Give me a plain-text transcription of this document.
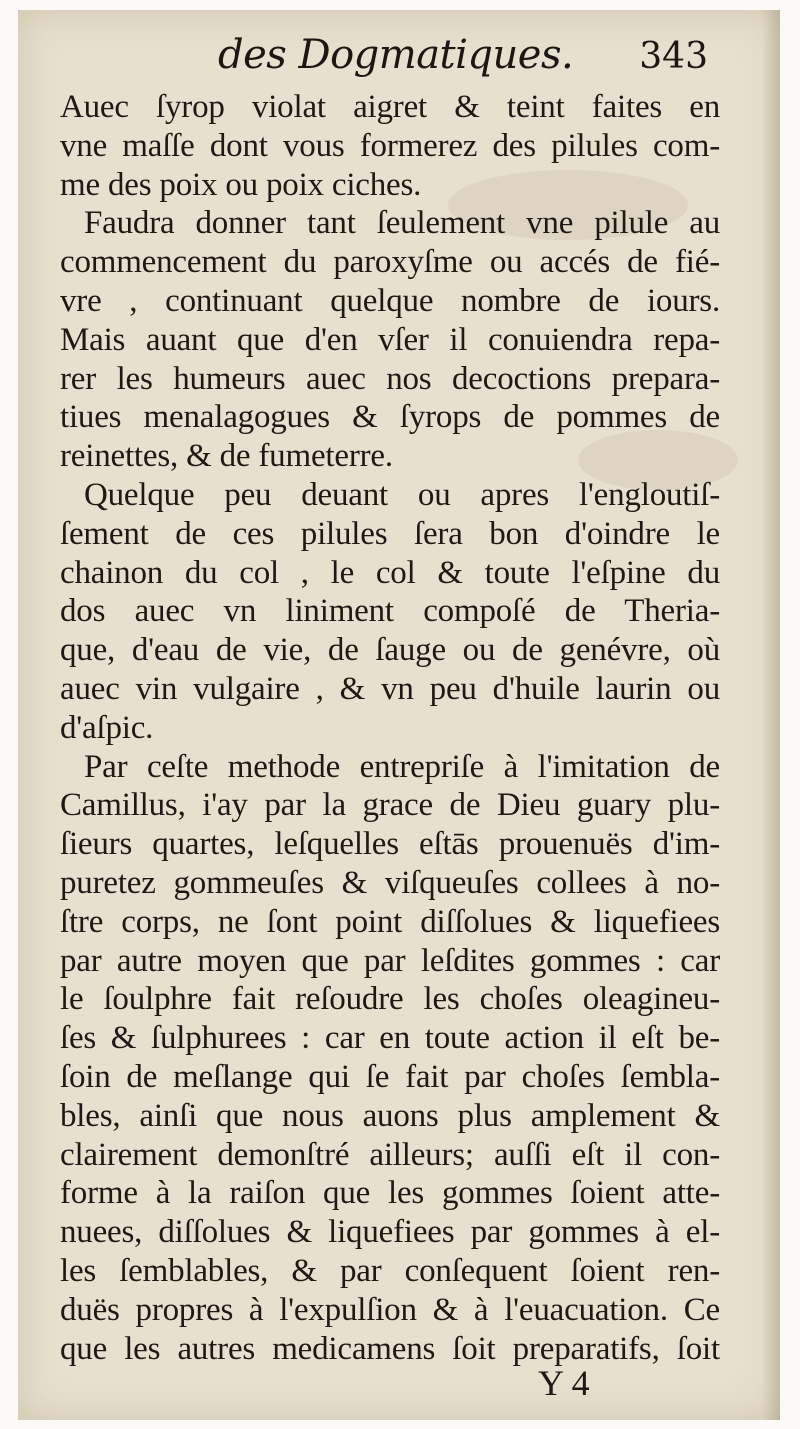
des Dogmatiques. 343
Auec ſyrop violat aigret & teint faites en
vne maſſe dont vous formerez des pilules com-
me des poix ou poix ciches.
Faudra donner tant ſeulement vne pilule au
commencement du paroxyſme ou accés de fié-
vre , continuant quelque nombre de iours.
Mais auant que d'en vſer il conuiendra repa-
rer les humeurs auec nos decoctions prepara-
tiues menalagogues & ſyrops de pommes de
reinettes, & de fumeterre.
Quelque peu deuant ou apres l'engloutiſ-
ſement de ces pilules ſera bon d'oindre le
chainon du col , le col & toute l'eſpine du
dos auec vn liniment compoſé de Theria-
que, d'eau de vie, de ſauge ou de genévre, où
auec vin vulgaire , & vn peu d'huile laurin ou
d'aſpic.
Par ceſte methode entrepriſe à l'imitation de
Camillus, i'ay par la grace de Dieu guary plu-
ſieurs quartes, leſquelles eſtās prouenuës d'im-
puretez gommeuſes & viſqueuſes collees à no-
ſtre corps, ne ſont point diſſolues & liquefiees
par autre moyen que par leſdites gommes : car
le ſoulphre fait reſoudre les choſes oleagineu-
ſes & ſulphurees : car en toute action il eſt be-
ſoin de meſlange qui ſe fait par choſes ſembla-
bles, ainſi que nous auons plus amplement &
clairement demonſtré ailleurs; auſſi eſt il con-
forme à la raiſon que les gommes ſoient atte-
nuees, diſſolues & liquefiees par gommes à el-
les ſemblables, & par conſequent ſoient ren-
duës propres à l'expulſion & à l'euacuation. Ce
que les autres medicamens ſoit preparatifs, ſoit
Y 4
